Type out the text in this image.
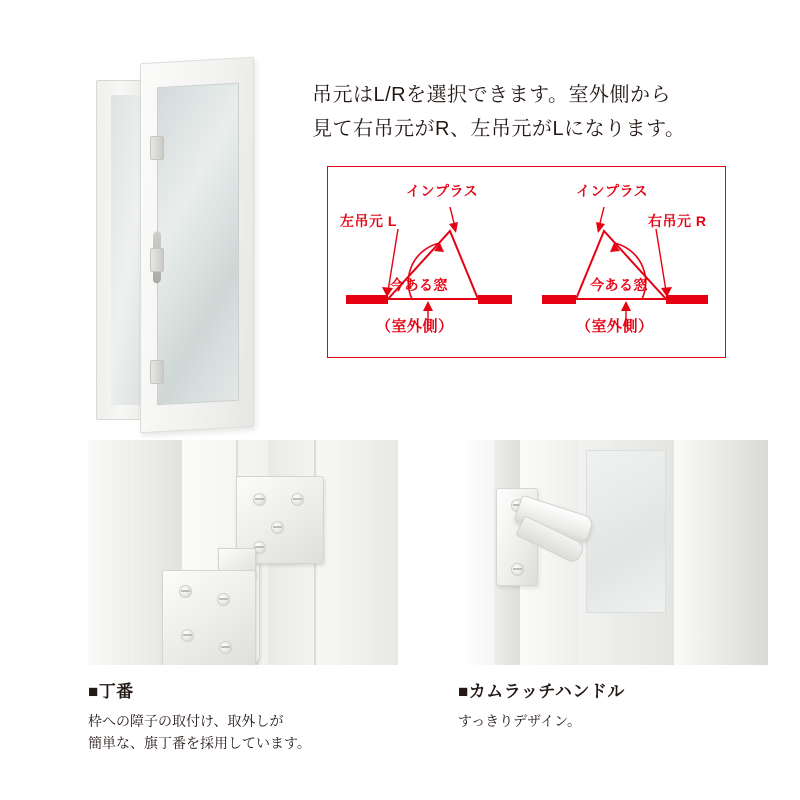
吊元はL/Rを選択できます。室外側から
見て右吊元がR、左吊元がLになります。
インプラス
左吊元 L
今ある窓
（室外側）
インプラス
右吊元 R
今ある窓
（室外側）
■丁番
枠への障子の取付け、取外しが
簡単な、旗丁番を採用しています。
■カムラッチハンドル
すっきりデザイン。
